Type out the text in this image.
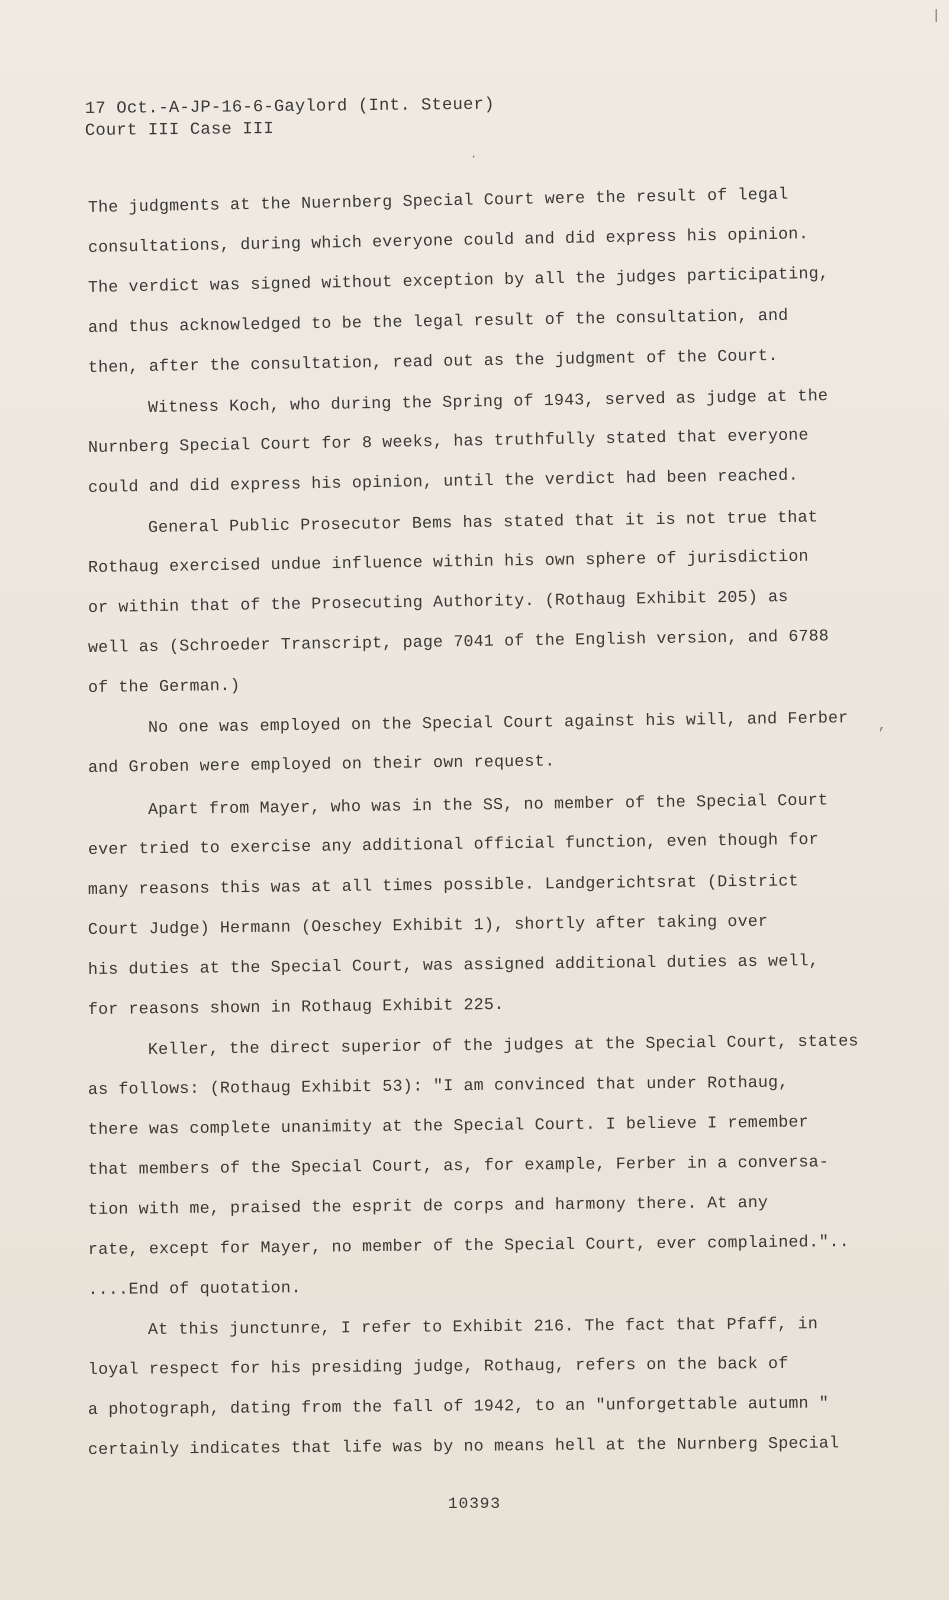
|
·
,
17 Oct.-A-JP-16-6-Gaylord (Int. Steuer)
Court III Case III
The judgments at the Nuernberg Special Court were the result of legal
consultations, during which everyone could and did express his opinion.
The verdict was signed without exception by all the judges participating,
and thus acknowledged to be the legal result of the consultation, and
then, after the consultation, read out as the judgment of the Court.
Witness Koch, who during the Spring of 1943, served as judge at the
Nurnberg Special Court for 8 weeks, has truthfully stated that everyone
could and did express his opinion, until the verdict had been reached.
General Public Prosecutor Bems has stated that it is not true that
Rothaug exercised undue influence within his own sphere of jurisdiction
or within that of the Prosecuting Authority. (Rothaug Exhibit 205) as
well as (Schroeder Transcript, page 7041 of the English version, and 6788
of the German.)
No one was employed on the Special Court against his will, and Ferber
and Groben were employed on their own request.
Apart from Mayer, who was in the SS, no member of the Special Court
ever tried to exercise any additional official function, even though for
many reasons this was at all times possible. Landgerichtsrat (District
Court Judge) Hermann (Oeschey Exhibit 1), shortly after taking over
his duties at the Special Court, was assigned additional duties as well,
for reasons shown in Rothaug Exhibit 225.
Keller, the direct superior of the judges at the Special Court, states
as follows: (Rothaug Exhibit 53): "I am convinced that under Rothaug,
there was complete unanimity at the Special Court. I believe I remember
that members of the Special Court, as, for example, Ferber in a conversa-
tion with me, praised the esprit de corps and harmony there. At any
rate, except for Mayer, no member of the Special Court, ever complained."..
....End of quotation.
At this junctunre, I refer to Exhibit 216. The fact that Pfaff, in
loyal respect for his presiding judge, Rothaug, refers on the back of
a photograph, dating from the fall of 1942, to an "unforgettable autumn "
certainly indicates that life was by no means hell at the Nurnberg Special
10393
